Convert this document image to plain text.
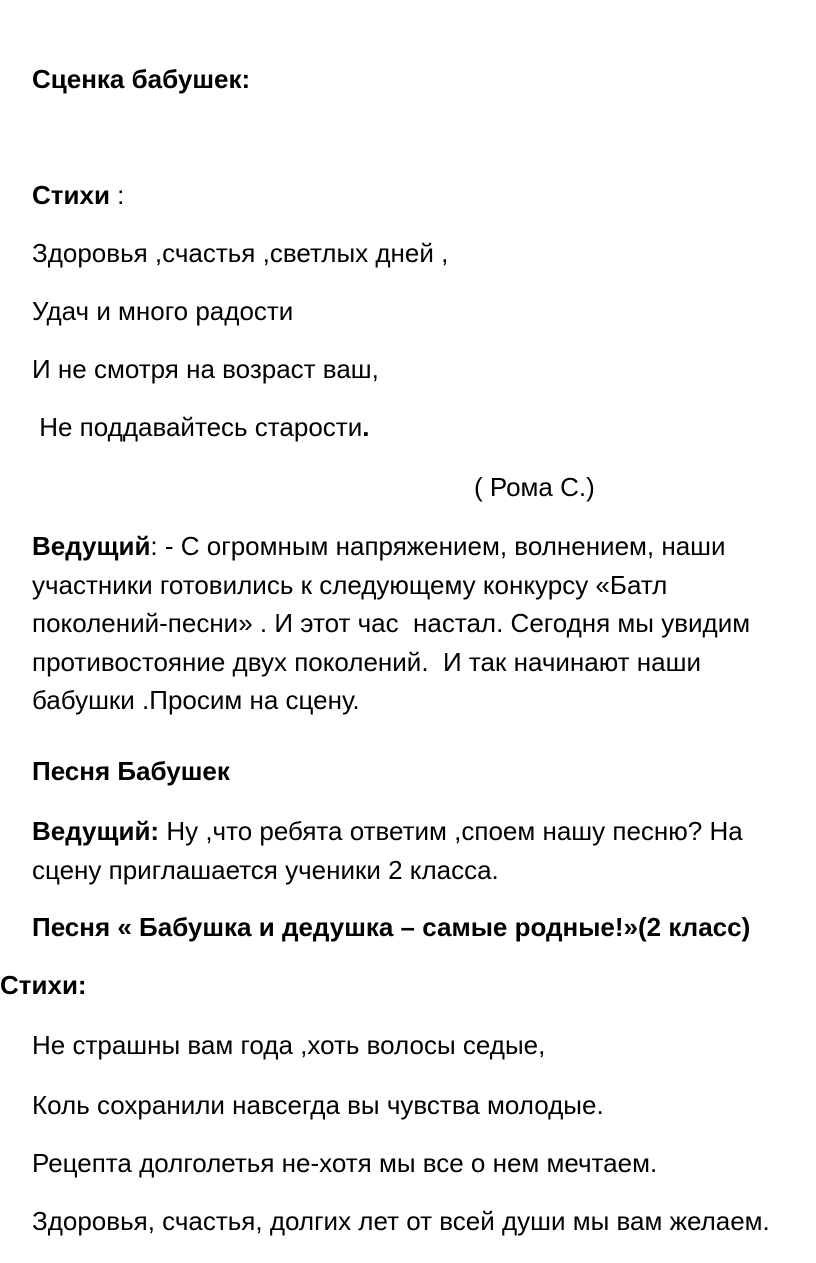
Сценка бабушек:
Стихи :
Здоровья ,счастья ,светлых дней ,
Удач и много радости
И не смотря на возраст ваш,
Не поддавайтесь старости.
( Рома С.)
Ведущий: - С огромным напряжением, волнением, наши
участники готовились к следующему конкурсу «Батл
поколений-песни» . И этот час  настал. Сегодня мы увидим
противостояние двух поколений.  И так начинают наши
бабушки .Просим на сцену.
Песня Бабушек
Ведущий: Ну ,что ребята ответим ,споем нашу песню? На
сцену приглашается ученики 2 класса.
Песня « Бабушка и дедушка – самые родные!»(2 класс)
Стихи:
Не страшны вам года ,хоть волосы седые,
Коль сохранили навсегда вы чувства молодые.
Рецепта долголетья не-хотя мы все о нем мечтаем.
Здоровья, счастья, долгих лет от всей души мы вам желаем.
